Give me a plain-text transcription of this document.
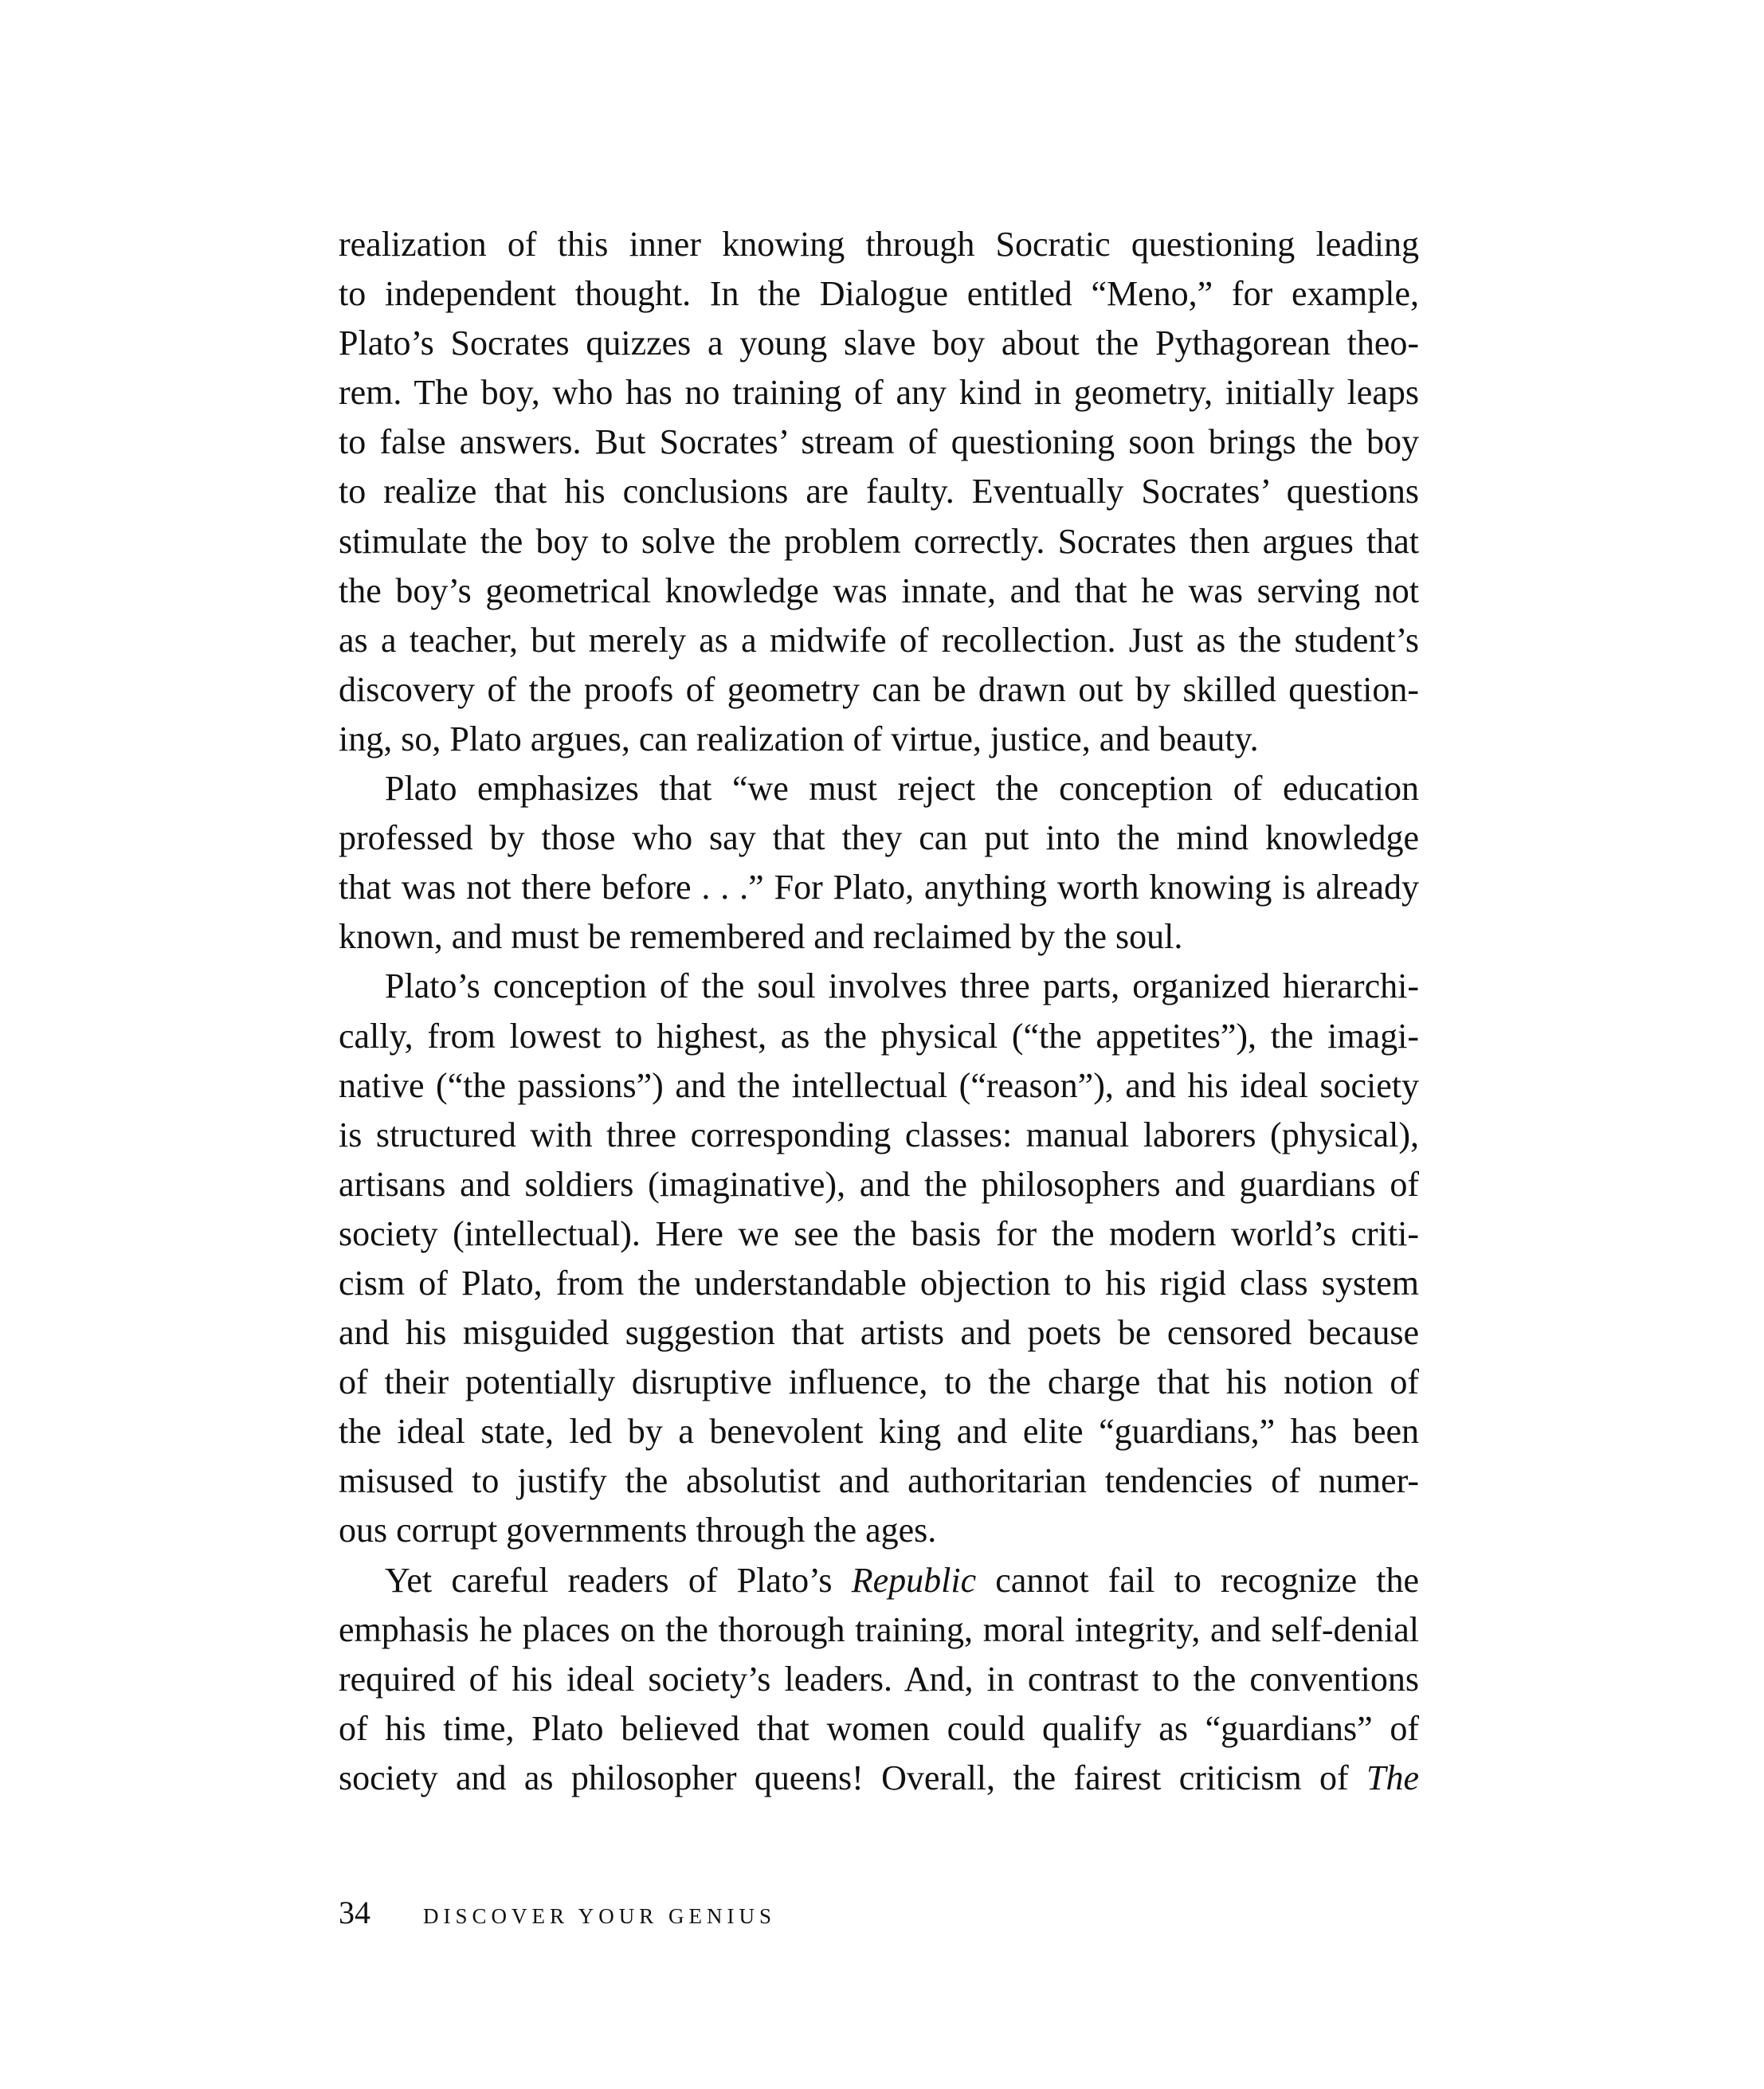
realization of this inner knowing through Socratic questioning leading
to independent thought. In the Dialogue entitled “Meno,” for example,
Plato’s Socrates quizzes a young slave boy about the Pythagorean theo-
rem. The boy, who has no training of any kind in geometry, initially leaps
to false answers. But Socrates’ stream of questioning soon brings the boy
to realize that his conclusions are faulty. Eventually Socrates’ questions
stimulate the boy to solve the problem correctly. Socrates then argues that
the boy’s geometrical knowledge was innate, and that he was serving not
as a teacher, but merely as a midwife of recollection. Just as the student’s
discovery of the proofs of geometry can be drawn out by skilled question-
ing, so, Plato argues, can realization of virtue, justice, and beauty.
Plato emphasizes that “we must reject the conception of education
professed by those who say that they can put into the mind knowledge
that was not there before . . .” For Plato, anything worth knowing is already
known, and must be remembered and reclaimed by the soul.
Plato’s conception of the soul involves three parts, organized hierarchi-
cally, from lowest to highest, as the physical (“the appetites”), the imagi-
native (“the passions”) and the intellectual (“reason”), and his ideal society
is structured with three corresponding classes: manual laborers (physical),
artisans and soldiers (imaginative), and the philosophers and guardians of
society (intellectual). Here we see the basis for the modern world’s criti-
cism of Plato, from the understandable objection to his rigid class system
and his misguided suggestion that artists and poets be censored because
of their potentially disruptive influence, to the charge that his notion of
the ideal state, led by a benevolent king and elite “guardians,” has been
misused to justify the absolutist and authoritarian tendencies of numer-
ous corrupt governments through the ages.
Yet careful readers of Plato’s Republic cannot fail to recognize the
emphasis he places on the thorough training, moral integrity, and self-denial
required of his ideal society’s leaders. And, in contrast to the conventions
of his time, Plato believed that women could qualify as “guardians” of
society and as philosopher queens! Overall, the fairest criticism of The
34 DISCOVER YOUR GENIUS
